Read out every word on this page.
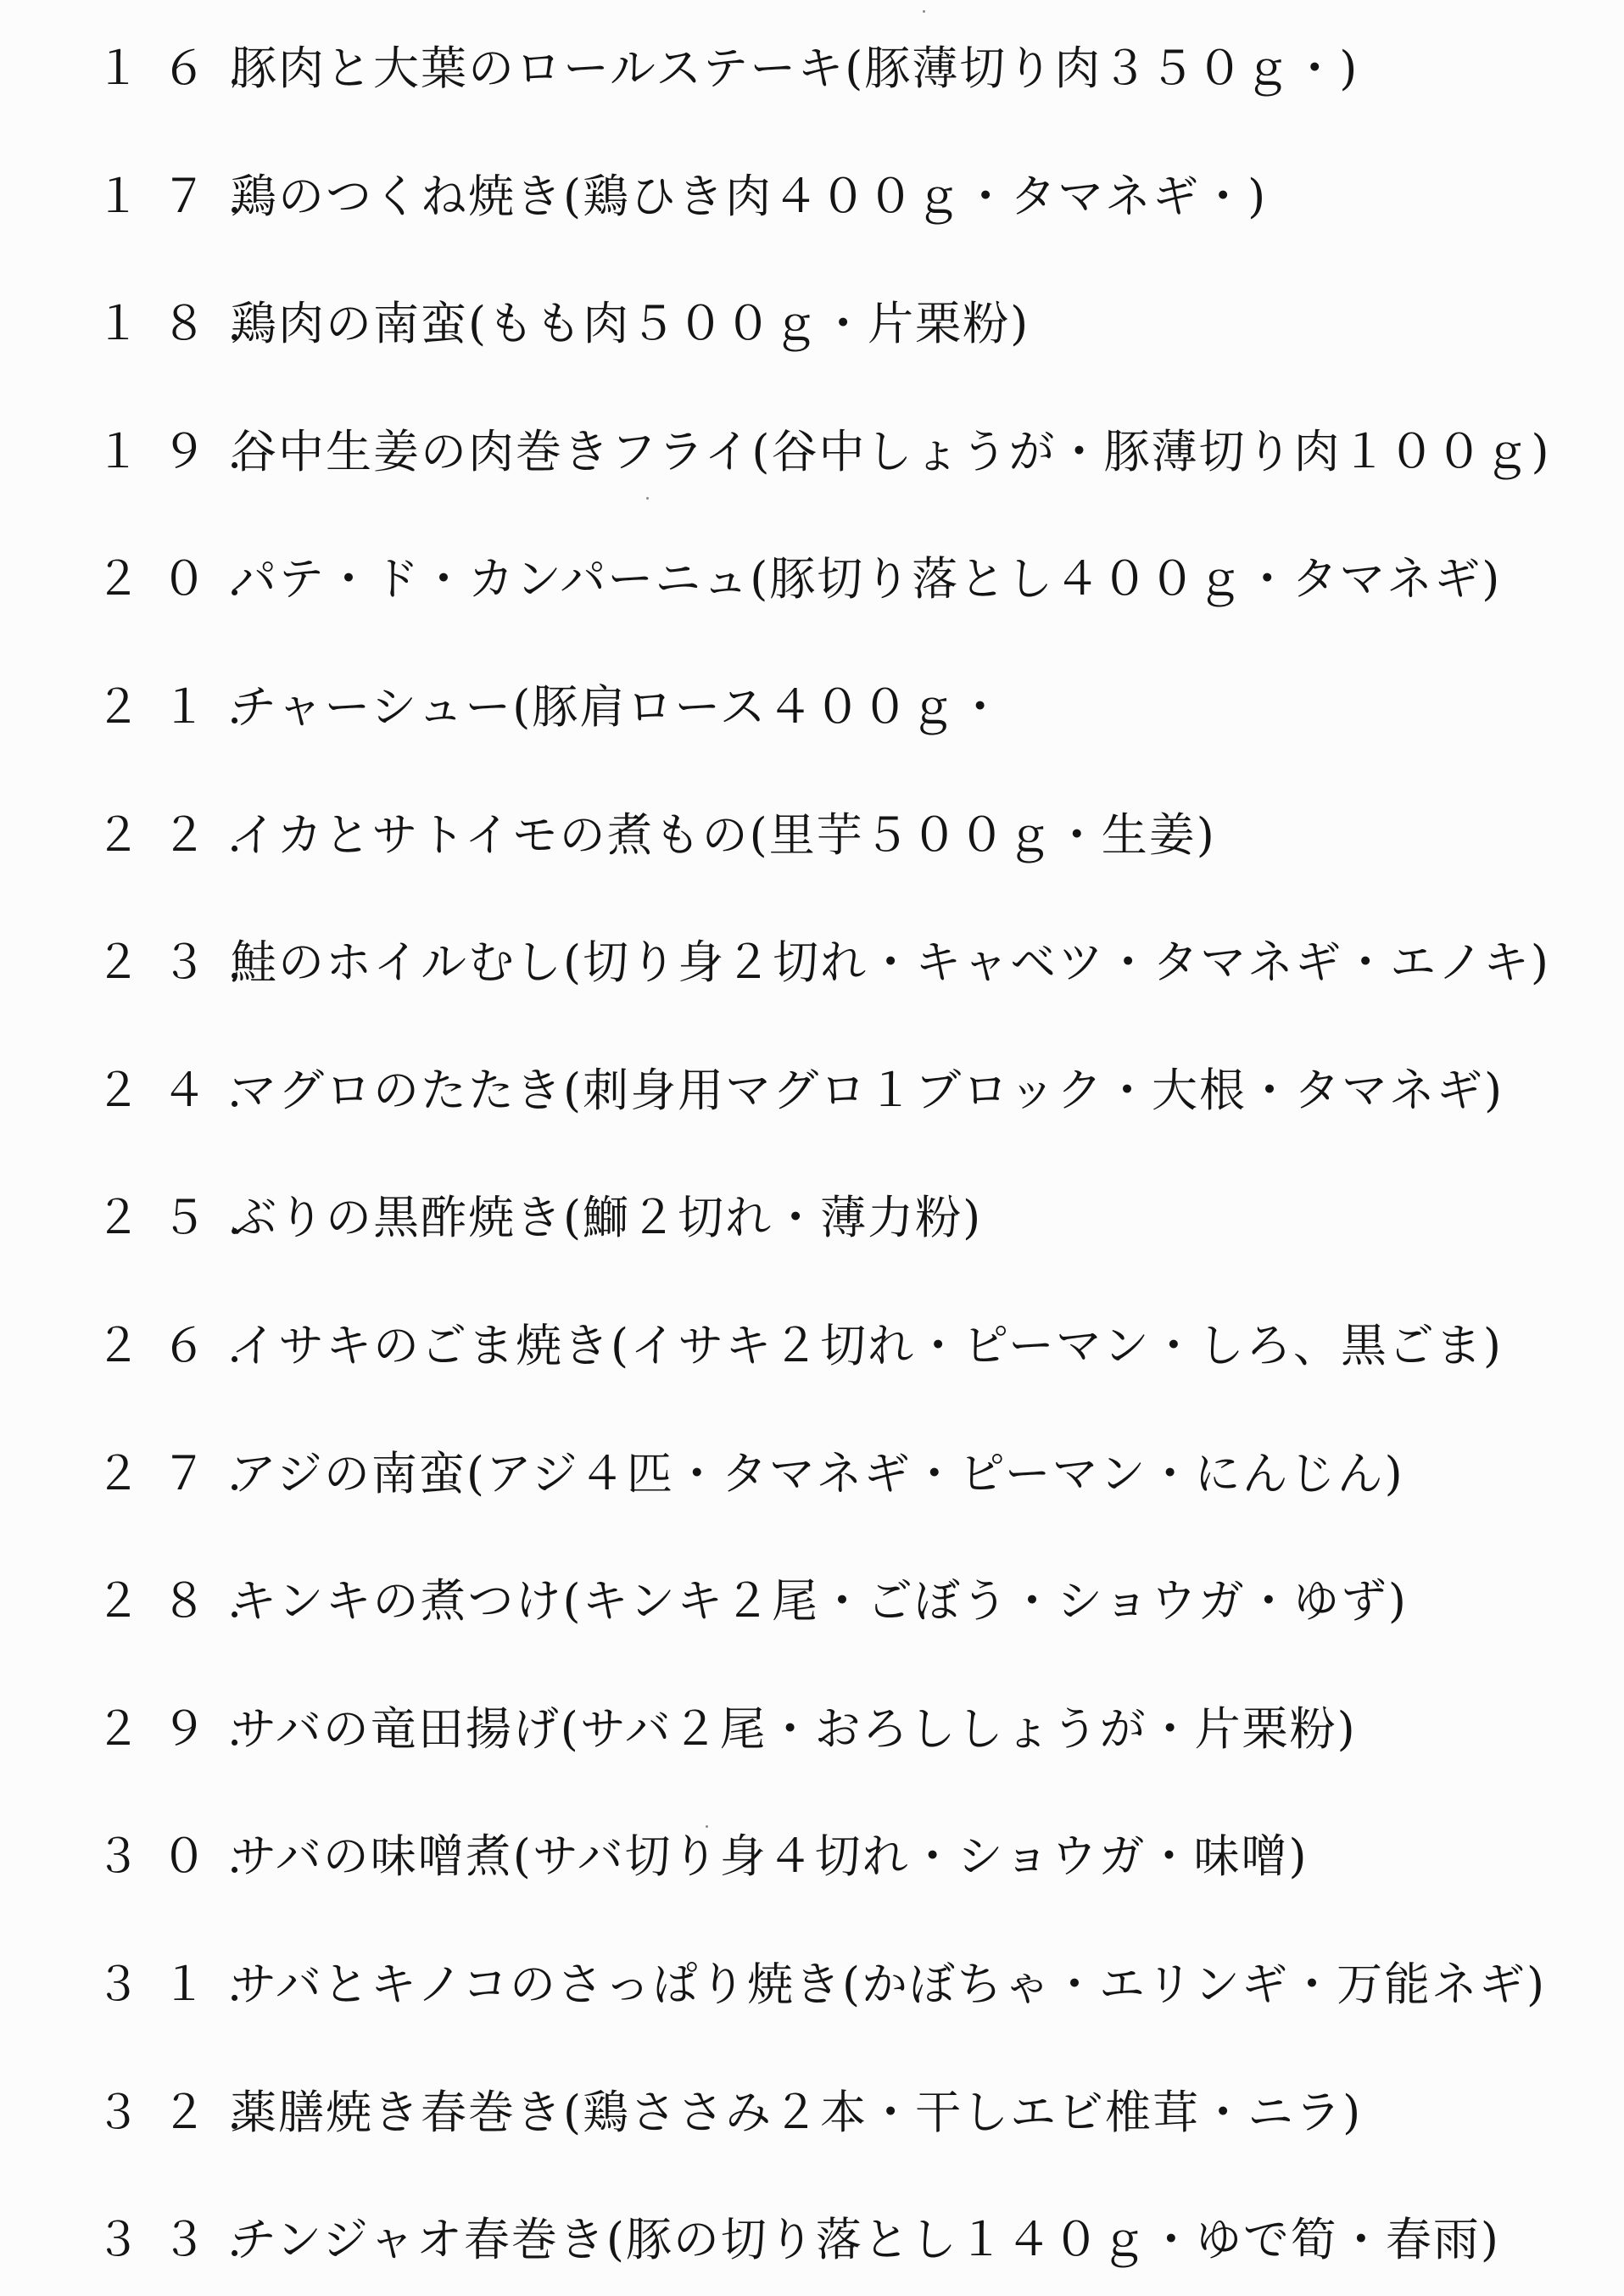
１６.
豚肉と大葉のロールステーキ(豚薄切り肉３５０ｇ・)
１７.
鶏のつくね焼き(鶏ひき肉４００ｇ・タマネギ・)
１８.
鶏肉の南蛮(もも肉５００ｇ・片栗粉)
１９.
谷中生姜の肉巻きフライ(谷中しょうが・豚薄切り肉１００ｇ)
２０.
パテ・ド・カンパーニュ(豚切り落とし４００ｇ・タマネギ)
２１.
チャーシュー(豚肩ロース４００ｇ・
２２.
イカとサトイモの煮もの(里芋５００ｇ・生姜)
２３.
鮭のホイルむし(切り身２切れ・キャベツ・タマネギ・エノキ)
２４.
マグロのたたき(刺身用マグロ１ブロック・大根・タマネギ)
２５.
ぶりの黒酢焼き(鰤２切れ・薄力粉)
２６.
イサキのごま焼き(イサキ２切れ・ピーマン・しろ、黒ごま)
２７.
アジの南蛮(アジ４匹・タマネギ・ピーマン・にんじん)
２８.
キンキの煮つけ(キンキ２尾・ごぼう・ショウガ・ゆず)
２９.
サバの竜田揚げ(サバ２尾・おろししょうが・片栗粉)
３０.
サバの味噌煮(サバ切り身４切れ・ショウガ・味噌)
３１.
サバとキノコのさっぱり焼き(かぼちゃ・エリンギ・万能ネギ)
３２.
薬膳焼き春巻き(鶏ささみ２本・干しエビ椎茸・ニラ)
３３.
チンジャオ春巻き(豚の切り落とし１４０ｇ・ゆで筍・春雨)
